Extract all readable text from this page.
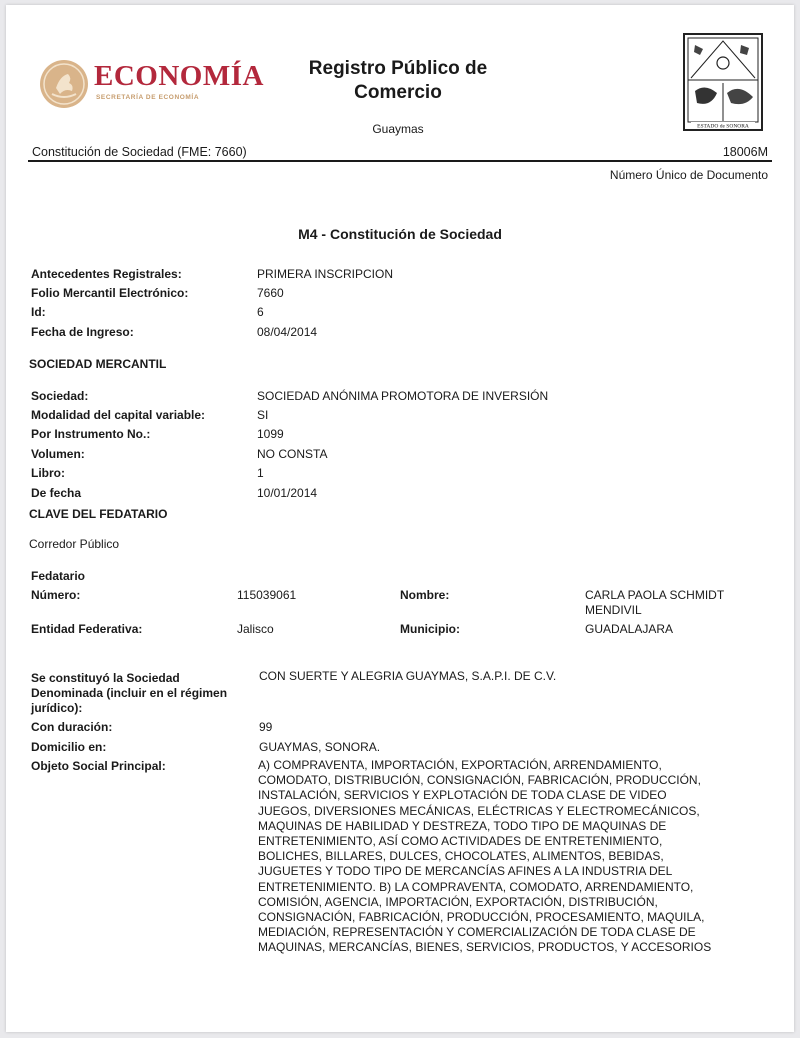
ECONOMÍA
SECRETARÍA DE ECONOMÍA
Registro Público de
Comercio
Guaymas	ESTADO de SONORA
Constitución de Sociedad (FME: 7660)	18006M
Número Único de Documento
M4 - Constitución de Sociedad
Antecedentes Registrales:	PRIMERA INSCRIPCION
Folio Mercantil Electrónico:	7660
Id:	6
Fecha de Ingreso:	08/04/2014
SOCIEDAD MERCANTIL
Sociedad:	SOCIEDAD ANÓNIMA PROMOTORA DE INVERSIÓN
Modalidad del capital variable:	SI
Por Instrumento No.:	1099
Volumen:	NO CONSTA
Libro:	1
De fecha	10/01/2014
CLAVE DEL FEDATARIO
Corredor Público
Fedatario
Número:	115039061	Nombre:	CARLA PAOLA SCHMIDT
MENDIVIL
Entidad Federativa:	Jalisco	Municipio:	GUADALAJARA
Se constituyó la Sociedad
Denominada (incluir en el régimen
jurídico):
CON SUERTE Y ALEGRIA GUAYMAS, S.A.P.I. DE C.V.
Con duración:	99
Domicilio en:	GUAYMAS, SONORA.
Objeto Social Principal:	A) COMPRAVENTA, IMPORTACIÓN, EXPORTACIÓN, ARRENDAMIENTO,
COMODATO, DISTRIBUCIÓN, CONSIGNACIÓN, FABRICACIÓN, PRODUCCIÓN,
INSTALACIÓN, SERVICIOS Y EXPLOTACIÓN DE TODA CLASE DE VIDEO
JUEGOS, DIVERSIONES MECÁNICAS, ELÉCTRICAS Y ELECTROMECÁNICOS,
MAQUINAS DE HABILIDAD Y DESTREZA, TODO TIPO DE MAQUINAS DE
ENTRETENIMIENTO, ASÍ COMO ACTIVIDADES DE ENTRETENIMIENTO,
BOLICHES, BILLARES, DULCES, CHOCOLATES, ALIMENTOS, BEBIDAS,
JUGUETES Y TODO TIPO DE MERCANCÍAS AFINES A LA INDUSTRIA DEL
ENTRETENIMIENTO. B) LA COMPRAVENTA, COMODATO, ARRENDAMIENTO,
COMISIÓN, AGENCIA, IMPORTACIÓN, EXPORTACIÓN, DISTRIBUCIÓN,
CONSIGNACIÓN, FABRICACIÓN, PRODUCCIÓN, PROCESAMIENTO, MAQUILA,
MEDIACIÓN, REPRESENTACIÓN Y COMERCIALIZACIÓN DE TODA CLASE DE
MAQUINAS, MERCANCÍAS, BIENES, SERVICIOS, PRODUCTOS, Y ACCESORIOS
